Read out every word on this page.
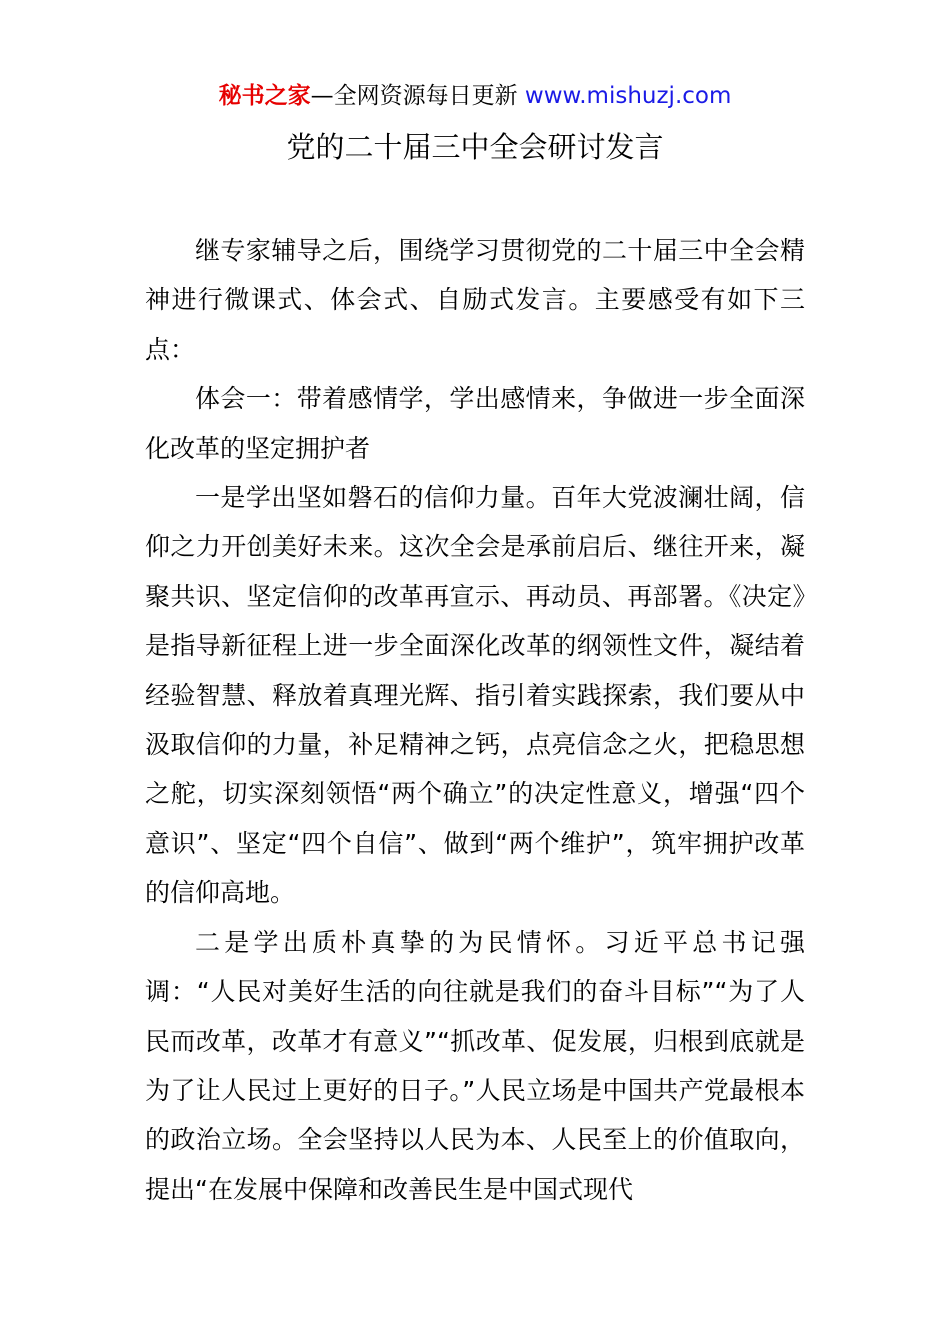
秘书之家—全网资源每日更新 www.mishuzj.com
党的二十届三中全会研讨发言

继专家辅导之后，围绕学习贯彻党的二十届三中全会精神进行微课式、体会式、自励式发言。主要感受有如下三点：

体会一：带着感情学，学出感情来，争做进一步全面深化改革的坚定拥护者

一是学出坚如磐石的信仰力量。百年大党波澜壮阔，信仰之力开创美好未来。这次全会是承前启后、继往开来，凝聚共识、坚定信仰的改革再宣示、再动员、再部署。《决定》是指导新征程上进一步全面深化改革的纲领性文件，凝结着经验智慧、释放着真理光辉、指引着实践探索，我们要从中汲取信仰的力量，补足精神之钙，点亮信念之火，把稳思想之舵，切实深刻领悟“两个确立”的决定性意义，增强“四个意识”、坚定“四个自信”、做到“两个维护”，筑牢拥护改革的信仰高地。

二是学出质朴真挚的为民情怀。习近平总书记强调：“人民对美好生活的向往就是我们的奋斗目标”“为了人民而改革，改革才有意义”“抓改革、促发展，归根到底就是为了让人民过上更好的日子。”人民立场是中国共产党最根本的政治立场。全会坚持以人民为本、人民至上的价值取向，提出“在发展中保障和改善民生是中国式现代
